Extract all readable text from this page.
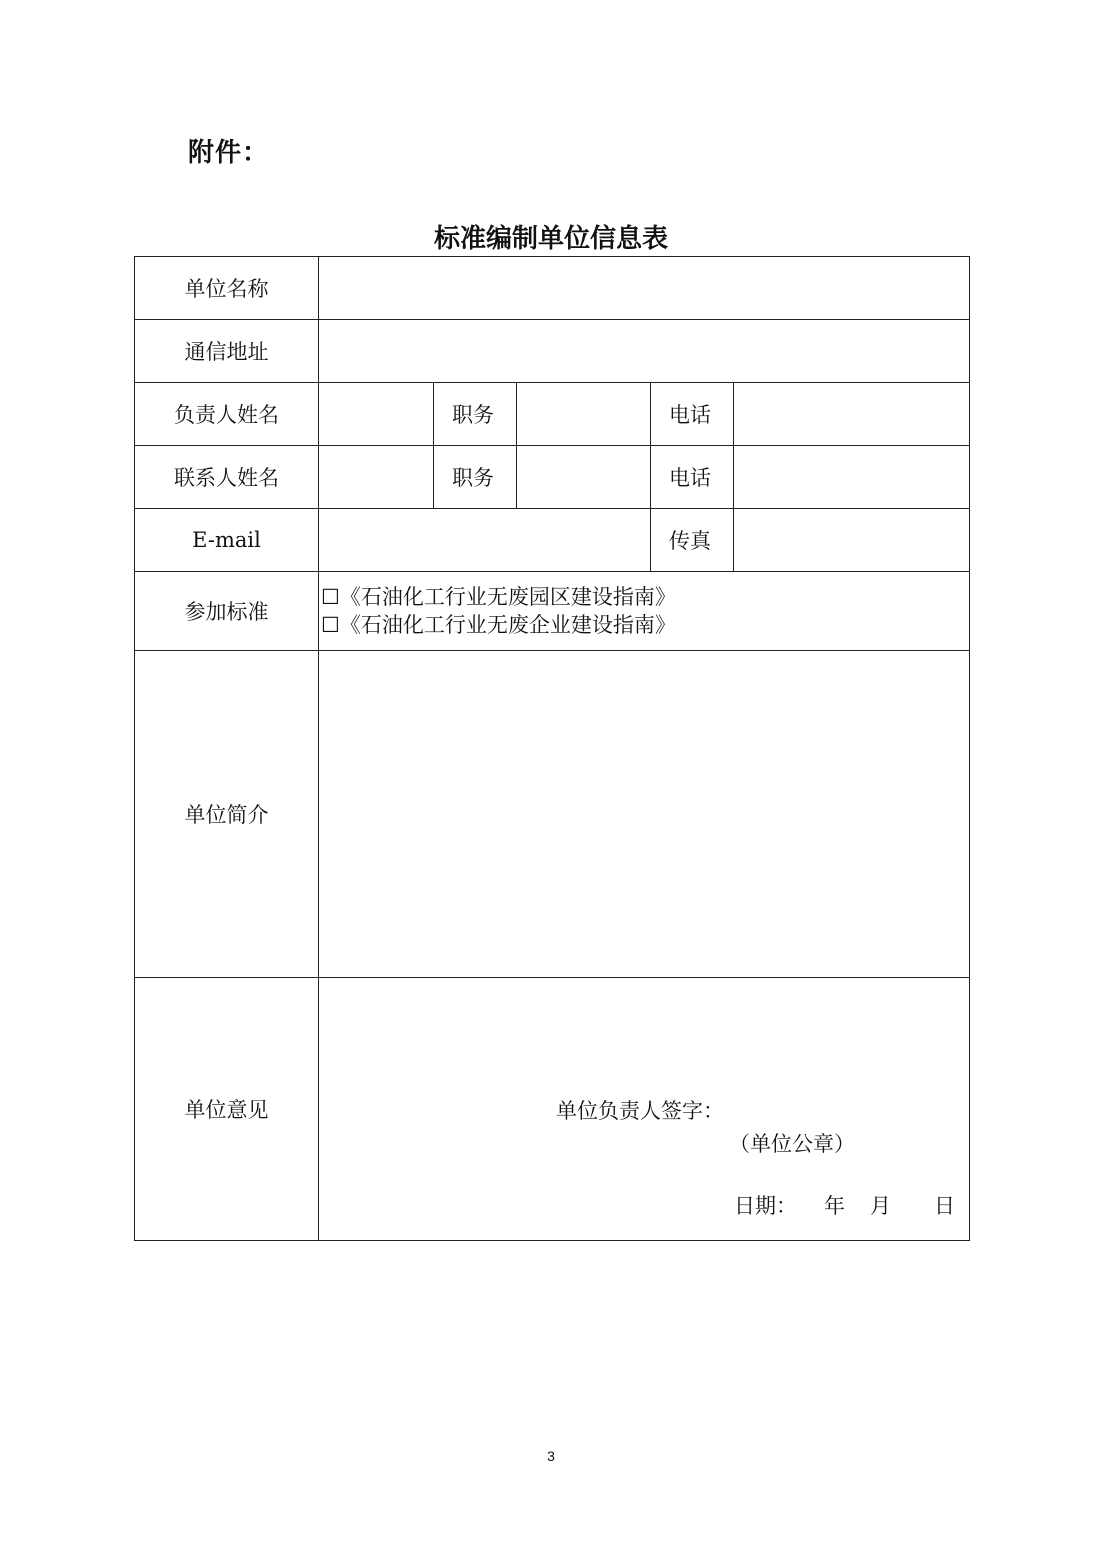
附件：
标准编制单位信息表
单位名称					
通信地址					
负责人姓名		职务		电话	
联系人姓名		职务		电话	
E-mail				传真	
参加标准	☐《石油化工行业无废园区建设指南》
☐《石油化工行业无废企业建设指南》				

单位简介					
单位意见	单位负责人签字：
（单位公章）
日期： 年 月 日				
3
